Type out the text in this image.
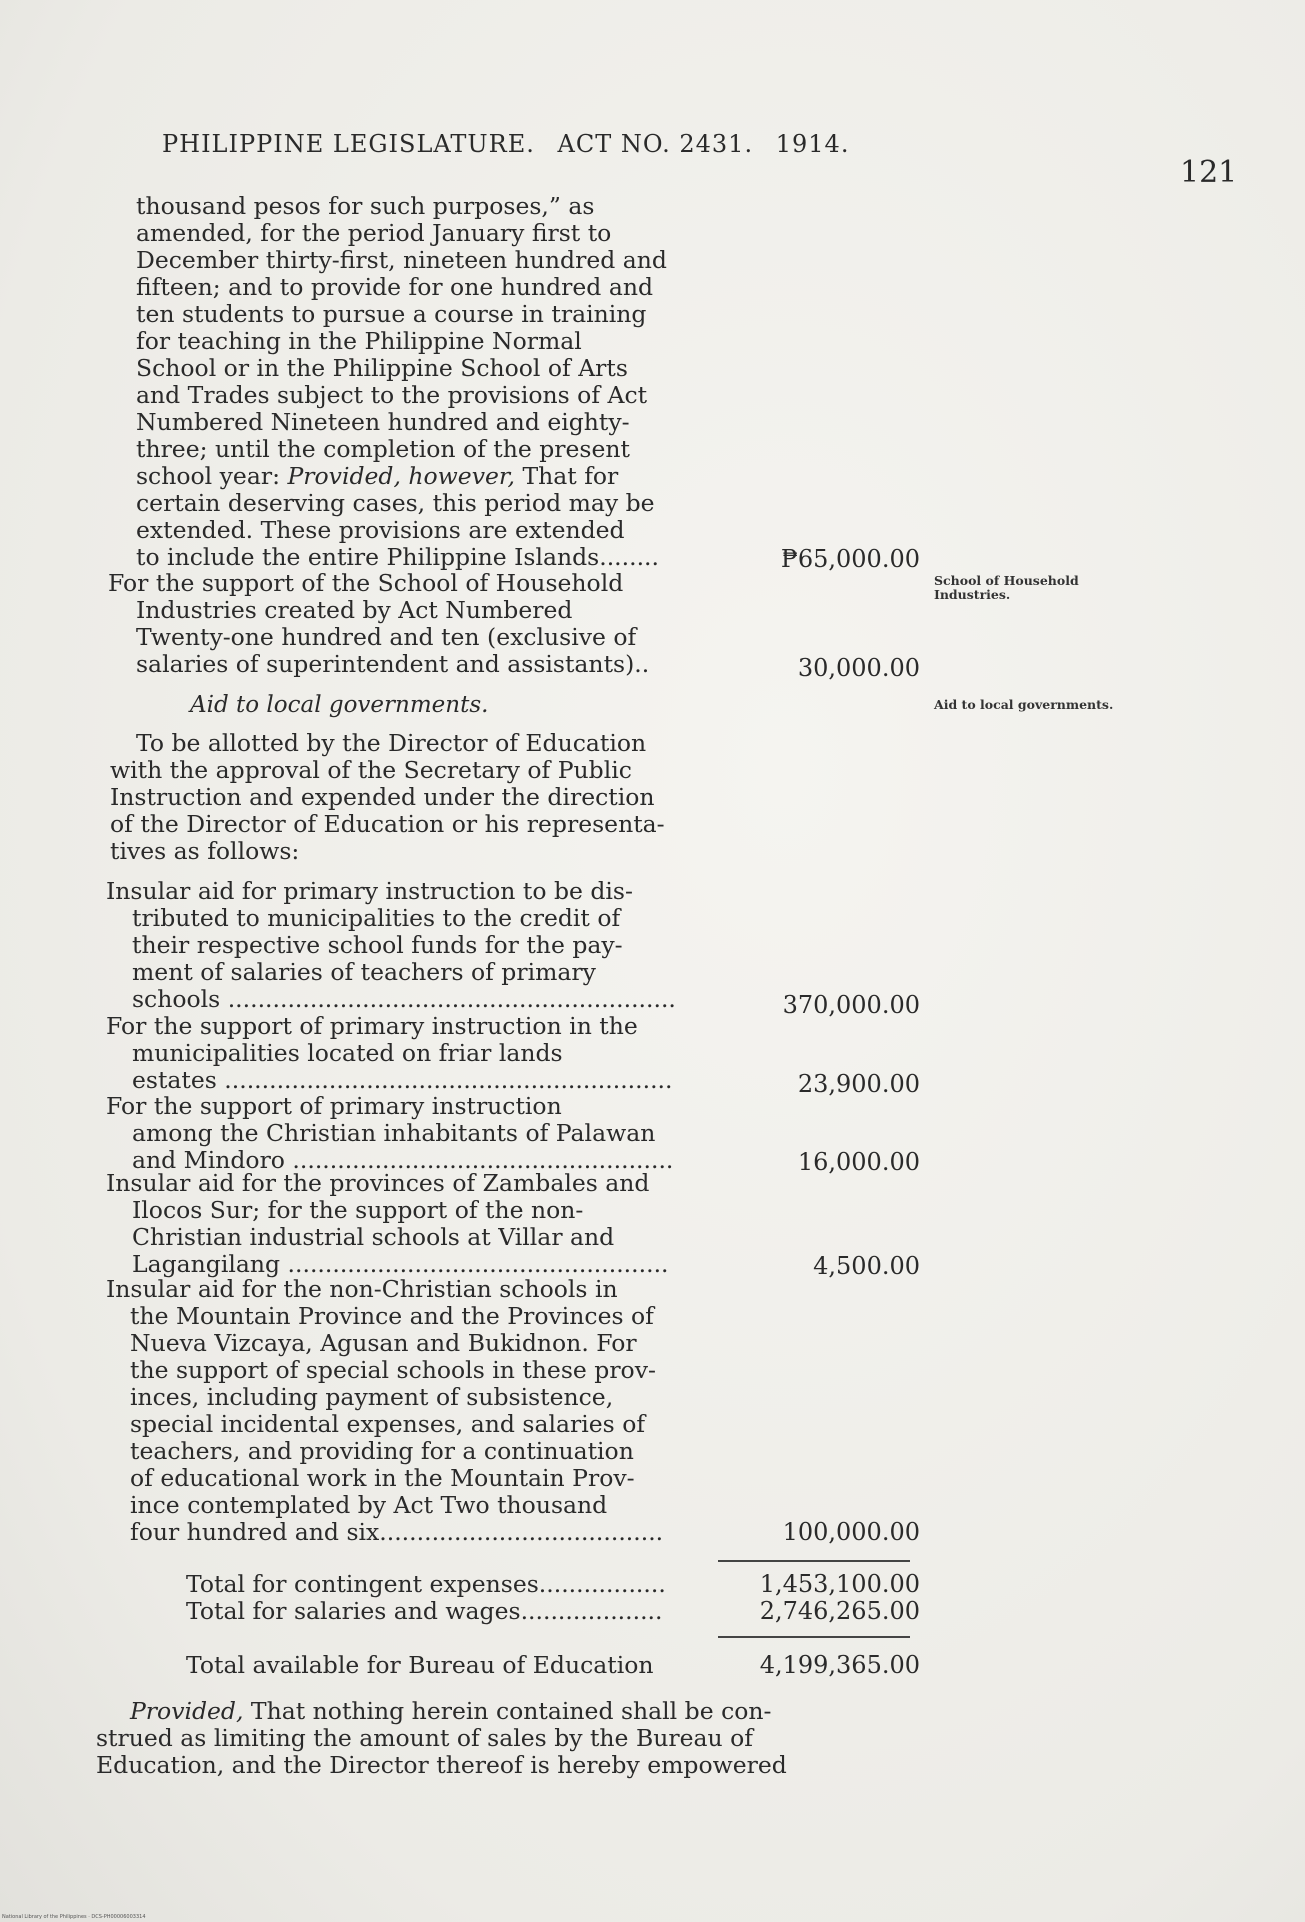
PHILIPPINE LEGISLATURE. ACT NO. 2431. 1914.
121
thousand pesos for such purposes,” as
amended, for the period January first to
December thirty-first, nineteen hundred and
fifteen; and to provide for one hundred and
ten students to pursue a course in training
for teaching in the Philippine Normal
School or in the Philippine School of Arts
and Trades subject to the provisions of Act
Numbered Nineteen hundred and eighty-
three; until the completion of the present
school year: Provided, however, That for
certain deserving cases, this period may be
extended. These provisions are extended
to include the entire Philippine Islands........	₱65,000.00
For the support of the School of Household
Industries created by Act Numbered
Twenty-one hundred and ten (exclusive of
salaries of superintendent and assistants)..	30,000.00
School of Household Industries.
Aid to local governments.	Aid to local governments.
To be allotted by the Director of Education
with the approval of the Secretary of Public
Instruction and expended under the direction
of the Director of Education or his representa-
tives as follows:
Insular aid for primary instruction to be dis-
tributed to municipalities to the credit of
their respective school funds for the pay-
ment of salaries of teachers of primary
schools ............................................................	370,000.00
For the support of primary instruction in the
municipalities located on friar lands
estates ............................................................	23,900.00
For the support of primary instruction
among the Christian inhabitants of Palawan
and Mindoro ...................................................	16,000.00
Insular aid for the provinces of Zambales and
Ilocos Sur; for the support of the non-
Christian industrial schools at Villar and
Lagangilang ...................................................	4,500.00
Insular aid for the non-Christian schools in
the Mountain Province and the Provinces of
Nueva Vizcaya, Agusan and Bukidnon. For
the support of special schools in these prov-
inces, including payment of subsistence,
special incidental expenses, and salaries of
teachers, and providing for a continuation
of educational work in the Mountain Prov-
ince contemplated by Act Two thousand
four hundred and six......................................	100,000.00
Total for contingent expenses.................	1,453,100.00
Total for salaries and wages...................	2,746,265.00
Total available for Bureau of Education	4,199,365.00
Provided, That nothing herein contained shall be con-
strued as limiting the amount of sales by the Bureau of
Education, and the Director thereof is hereby empowered
National Library of the Philippines · DCS-PH00006003314
